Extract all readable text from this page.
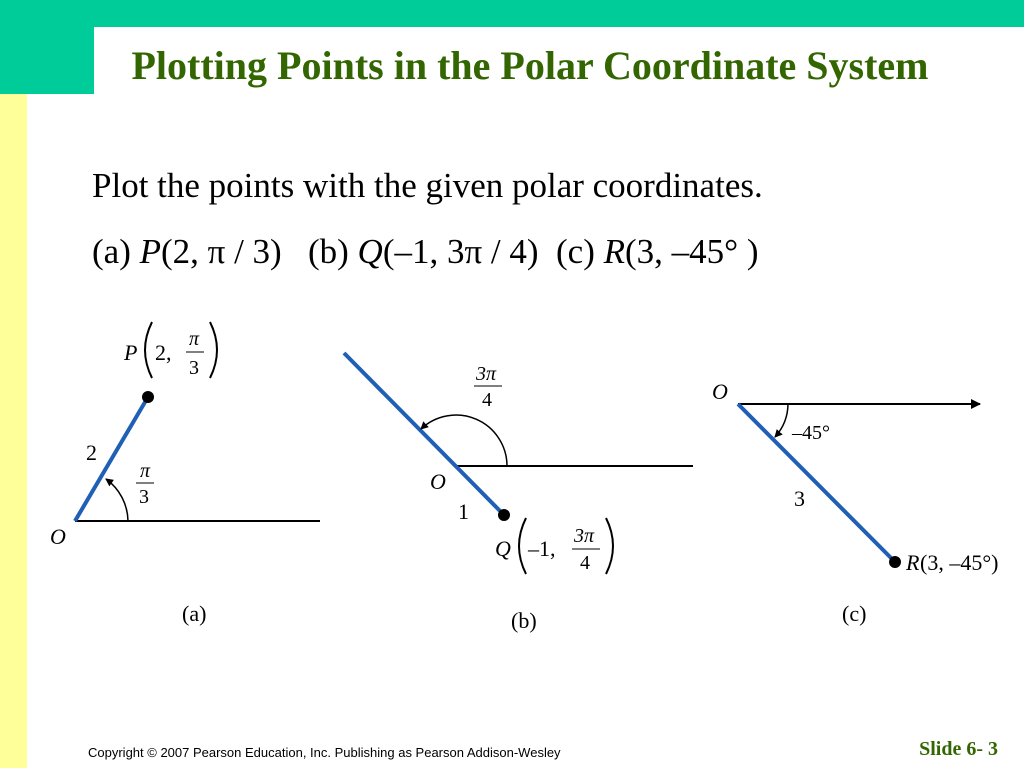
Plotting Points in the Polar Coordinate System
Plot the points with the given polar coordinates.
(a) P(2, π / 3)   (b) Q(–1, 3π / 4)  (c) R(3, –45° )
O
2
π
3
P 2,
π
3
(a)
3π
4
O
1
Q –1, 3π
4
(b)
O
–45°
3
R (3, –45°)
(c)
Copyright © 2007 Pearson Education, Inc. Publishing as Pearson Addison-Wesley	Slide 6- 3
